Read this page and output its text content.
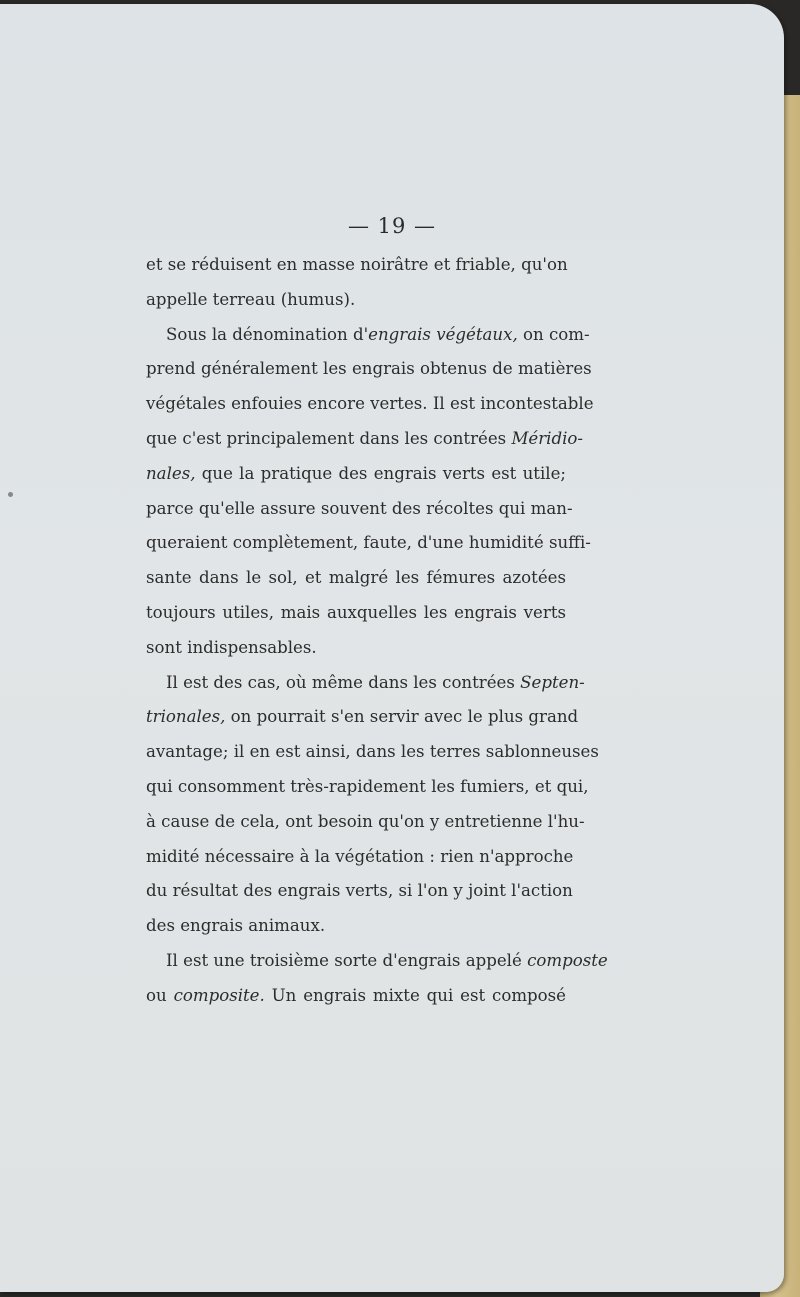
— 19 —
et se réduisent en masse noirâtre et friable, qu'on
appelle terreau (humus).
Sous la dénomination d'engrais végétaux, on com-
prend généralement les engrais obtenus de matières
végétales enfouies encore vertes. Il est incontestable
que c'est principalement dans les contrées Méridio-
nales, que la pratique des engrais verts est utile;
parce qu'elle assure souvent des récoltes qui man-
queraient complètement, faute, d'une humidité suffi-
sante dans le sol, et malgré les fémures azotées
toujours utiles, mais auxquelles les engrais verts
sont indispensables.
Il est des cas, où même dans les contrées Septen-
trionales, on pourrait s'en servir avec le plus grand
avantage; il en est ainsi, dans les terres sablonneuses
qui consomment très-rapidement les fumiers, et qui,
à cause de cela, ont besoin qu'on y entretienne l'hu-
midité nécessaire à la végétation : rien n'approche
du résultat des engrais verts, si l'on y joint l'action
des engrais animaux.
Il est une troisième sorte d'engrais appelé composte
ou composite. Un engrais mixte qui est composé
